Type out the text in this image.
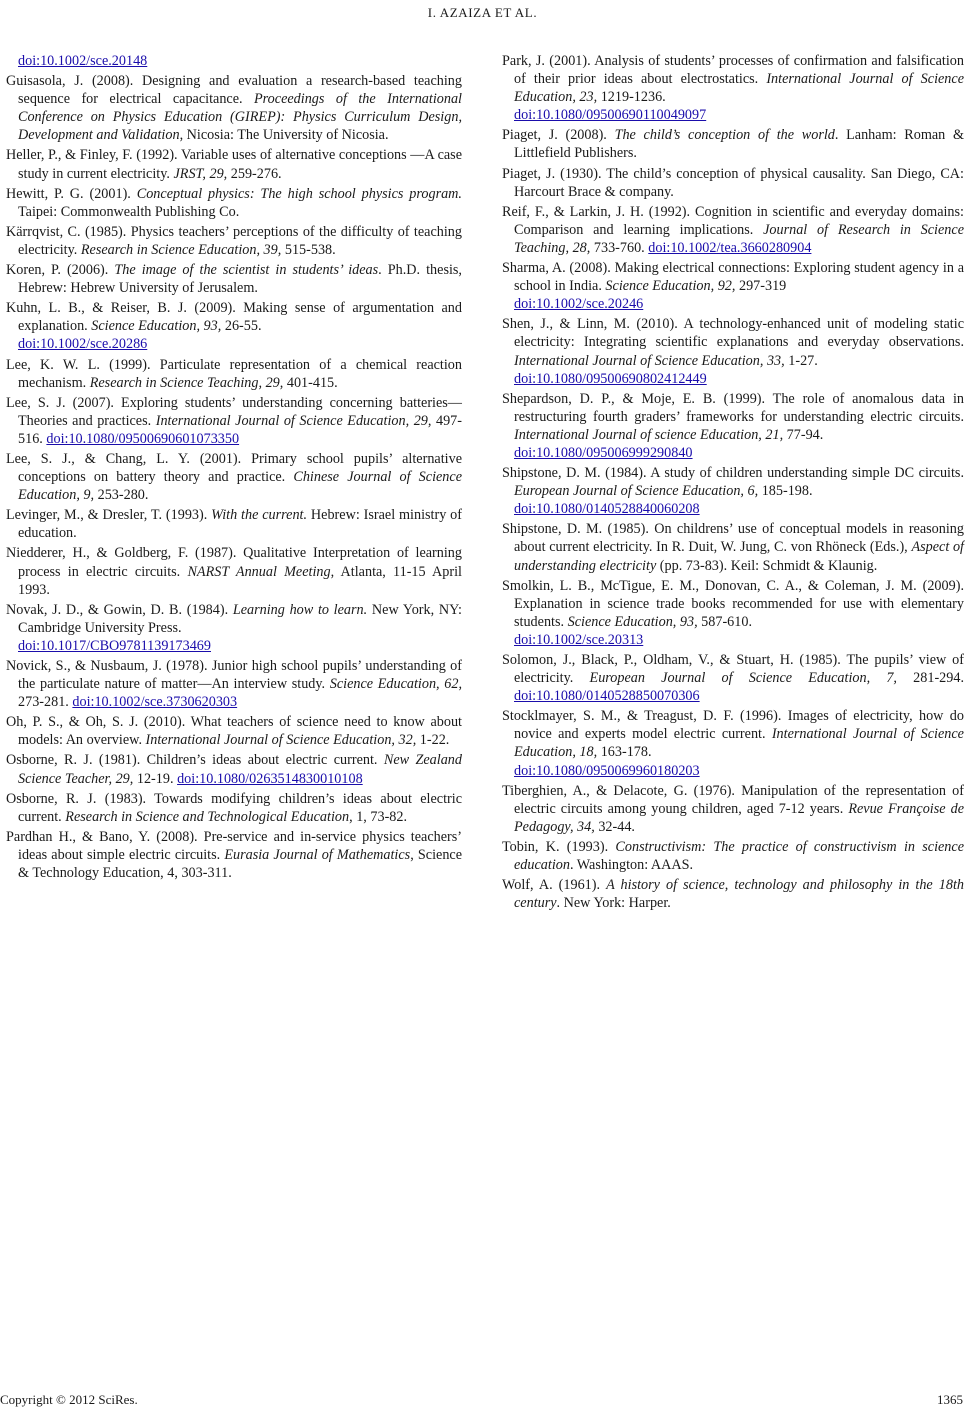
I. AZAIZA ET AL.
doi:10.1002/sce.20148
Guisasola, J. (2008). Designing and evaluation a research-based teaching sequence for electrical capacitance. Proceedings of the International Conference on Physics Education (GIREP): Physics Curriculum Design, Development and Validation, Nicosia: The University of Nicosia.
Heller, P., & Finley, F. (1992). Variable uses of alternative conceptions —A case study in current electricity. JRST, 29, 259-276.
Hewitt, P. G. (2001). Conceptual physics: The high school physics program. Taipei: Commonwealth Publishing Co.
Kärrqvist, C. (1985). Physics teachers’ perceptions of the difficulty of teaching electricity. Research in Science Education, 39, 515-538.
Koren, P. (2006). The image of the scientist in students’ ideas. Ph.D. thesis, Hebrew: Hebrew University of Jerusalem.
Kuhn, L. B., & Reiser, B. J. (2009). Making sense of argumentation and explanation. Science Education, 93, 26-55.
doi:10.1002/sce.20286
Lee, K. W. L. (1999). Particulate representation of a chemical reaction mechanism. Research in Science Teaching, 29, 401-415.
Lee, S. J. (2007). Exploring students’ understanding concerning batteries—Theories and practices. International Journal of Science Education, 29, 497-516. doi:10.1080/09500690601073350
Lee, S. J., & Chang, L. Y. (2001). Primary school pupils’ alternative conceptions on battery theory and practice. Chinese Journal of Science Education, 9, 253-280.
Levinger, M., & Dresler, T. (1993). With the current. Hebrew: Israel ministry of education.
Niedderer, H., & Goldberg, F. (1987). Qualitative Interpretation of learning process in electric circuits. NARST Annual Meeting, Atlanta, 11-15 April 1993.
Novak, J. D., & Gowin, D. B. (1984). Learning how to learn. New York, NY: Cambridge University Press.
doi:10.1017/CBO9781139173469
Novick, S., & Nusbaum, J. (1978). Junior high school pupils’ understanding of the particulate nature of matter—An interview study. Science Education, 62, 273-281. doi:10.1002/sce.3730620303
Oh, P. S., & Oh, S. J. (2010). What teachers of science need to know about models: An overview. International Journal of Science Education, 32, 1-22.
Osborne, R. J. (1981). Children’s ideas about electric current. New Zealand Science Teacher, 29, 12-19. doi:10.1080/0263514830010108
Osborne, R. J. (1983). Towards modifying children’s ideas about electric current. Research in Science and Technological Education, 1, 73-82.
Pardhan H., & Bano, Y. (2008). Pre-service and in-service physics teachers’ ideas about simple electric circuits. Eurasia Journal of Mathematics, Science & Technology Education, 4, 303-311.
Park, J. (2001). Analysis of students’ processes of confirmation and falsification of their prior ideas about electrostatics. International Journal of Science Education, 23, 1219-1236.
doi:10.1080/09500690110049097
Piaget, J. (2008). The child’s conception of the world. Lanham: Roman & Littlefield Publishers.
Piaget, J. (1930). The child’s conception of physical causality. San Diego, CA: Harcourt Brace & company.
Reif, F., & Larkin, J. H. (1992). Cognition in scientific and everyday domains: Comparison and learning implications. Journal of Research in Science Teaching, 28, 733-760. doi:10.1002/tea.3660280904
Sharma, A. (2008). Making electrical connections: Exploring student agency in a school in India. Science Education, 92, 297-319
doi:10.1002/sce.20246
Shen, J., & Linn, M. (2010). A technology-enhanced unit of modeling static electricity: Integrating scientific explanations and everyday observations. International Journal of Science Education, 33, 1-27.
doi:10.1080/09500690802412449
Shepardson, D. P., & Moje, E. B. (1999). The role of anomalous data in restructuring fourth graders’ frameworks for understanding electric circuits. International Journal of science Education, 21, 77-94.
doi:10.1080/095006999290840
Shipstone, D. M. (1984). A study of children understanding simple DC circuits. European Journal of Science Education, 6, 185-198.
doi:10.1080/0140528840060208
Shipstone, D. M. (1985). On childrens’ use of conceptual models in reasoning about current electricity. In R. Duit, W. Jung, C. von Rhöneck (Eds.), Aspect of understanding electricity (pp. 73-83). Keil: Schmidt & Klaunig.
Smolkin, L. B., McTigue, E. M., Donovan, C. A., & Coleman, J. M. (2009). Explanation in science trade books recommended for use with elementary students. Science Education, 93, 587-610.
doi:10.1002/sce.20313
Solomon, J., Black, P., Oldham, V., & Stuart, H. (1985). The pupils’ view of electricity. European Journal of Science Education, 7, 281-294. doi:10.1080/0140528850070306
Stocklmayer, S. M., & Treagust, D. F. (1996). Images of electricity, how do novice and experts model electric current. International Journal of Science Education, 18, 163-178.
doi:10.1080/0950069960180203
Tiberghien, A., & Delacote, G. (1976). Manipulation of the representation of electric circuits among young children, aged 7-12 years. Revue Françoise de Pedagogy, 34, 32-44.
Tobin, K. (1993). Constructivism: The practice of constructivism in science education. Washington: AAAS.
Wolf, A. (1961). A history of science, technology and philosophy in the 18th century. New York: Harper.
Copyright © 2012 SciRes.	1365
